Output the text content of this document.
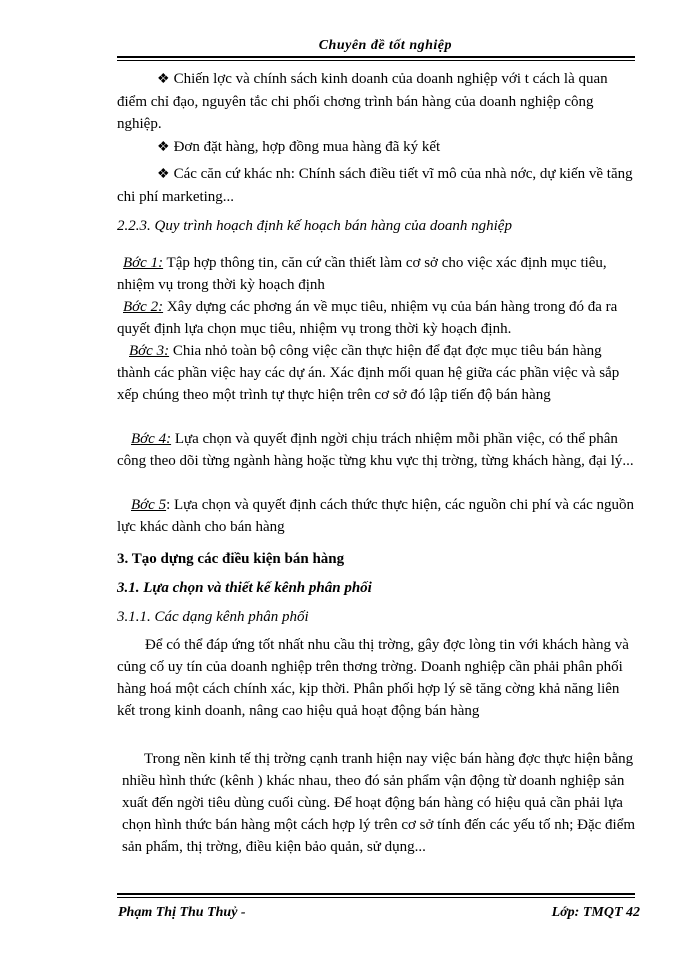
Chuyên đề tốt nghiệp

❖ Chiến lợc và chính sách kinh doanh của doanh nghiệp với t cách là quan điểm chỉ đạo, nguyên tắc chi phối chơng trình bán hàng của doanh nghiệp công nghiệp.

❖ Đơn đặt hàng, hợp đồng mua hàng đã ký kết

❖ Các căn cứ khác nh: Chính sách điều tiết vĩ mô của nhà nớc, dự kiến về tăng chi phí marketing...

2.2.3. Quy trình hoạch định kế hoạch bán hàng của doanh nghiệp

Bớc 1: Tập hợp thông tin, căn cứ cần thiết làm cơ sở cho việc xác định mục tiêu, nhiệm vụ trong thời kỳ hoạch định

Bớc 2: Xây dựng các phơng án về mục tiêu, nhiệm vụ của bán hàng trong đó đa ra quyết định lựa chọn mục tiêu, nhiệm vụ trong thời kỳ hoạch định.

Bớc 3: Chia nhỏ toàn bộ công việc cần thực hiện để đạt đợc mục tiêu bán hàng thành các phần việc hay các dự án. Xác định mối quan hệ giữa các phần việc và sắp xếp chúng theo một trình tự thực hiện trên cơ sở đó lập tiến độ bán hàng

Bớc 4: Lựa chọn và quyết định ngời chịu trách nhiệm mỗi phần việc, có thể phân công theo dõi từng ngành hàng hoặc từng khu vực thị trờng, từng khách hàng, đại lý...

Bớc 5: Lựa chọn và quyết định cách thức thực hiện, các nguồn chi phí và các nguồn lực khác dành cho bán hàng

3. Tạo dựng các điều kiện bán hàng

3.1. Lựa chọn và thiết kế kênh phân phối

3.1.1. Các dạng kênh phân phối

Để có thể đáp ứng tốt nhất nhu cầu thị trờng, gây đợc lòng tin với khách hàng và củng cố uy tín của doanh nghiệp trên thơng trờng. Doanh nghiệp cần phải phân phối hàng hoá một cách chính xác, kịp thời. Phân phối hợp lý sẽ tăng cờng khả năng liên kết trong kinh doanh, nâng cao hiệu quả hoạt động bán hàng

Trong nền kinh tế thị trờng cạnh tranh hiện nay việc bán hàng đợc thực hiện bằng nhiều hình thức (kênh ) khác nhau, theo đó sản phẩm vận động từ doanh nghiệp sản xuất đến ngời tiêu dùng cuối cùng. Để hoạt động bán hàng có hiệu quả cần phải lựa chọn hình thức bán hàng một cách hợp lý trên cơ sở tính đến các yếu tố nh; Đặc điểm sản phẩm, thị trờng, điều kiện bảo quản, sử dụng...

Phạm Thị Thu Thuỷ -	Lớp: TMQT 42
